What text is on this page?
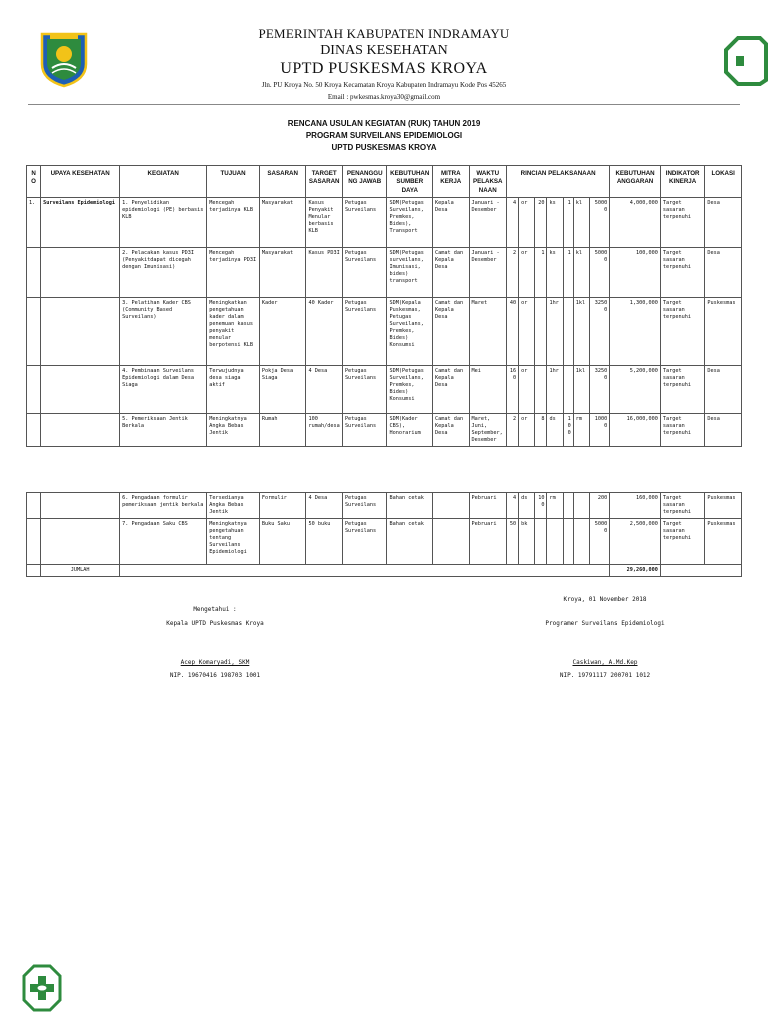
PEMERINTAH KABUPATEN INDRAMAYU
DINAS KESEHATAN
UPTD PUSKESMAS KROYA
Jln. PU Kroya No. 50 Kroya Kecamatan Kroya Kabupaten Indramayu Kode Pos 45265
Email : pwkesmas.kroya30@gmail.com
RENCANA USULAN KEGIATAN (RUK) TAHUN 2019
PROGRAM SURVEILANS EPIDEMIOLOGI
UPTD PUSKESMAS KROYA
NO	UPAYA KESEHATAN	KEGIATAN	TUJUAN	SASARAN	TARGET SASARAN	PENANGGU NG JAWAB	KEBUTUHAN
SUMBER DAYA	MITRA KERJA	WAKTU PELAKSA NAAN	RINCIAN PELAKSANAAN							KEBUTUHAN ANGGARAN	INDIKATOR KINERJA	LOKASI
1.	Surveilans Epidemiologi	1. Penyelidikan epidemiologi (PE) berbasis KLB	Mencegah terjadinya KLB	Masyarakat	Kasus Penyakit Menular berbasis KLB	Petugas Surveilans	SDM(Petugas Surveilans, Premkes, Bides), Transport	Kepala Desa	Januari - Desember	4	or	20	ks	1	kl	50000	4,000,000	Target sasaran terpenuhi	Desa
		2. Pelacakan kasus PD3I (Penyakitdapat dicegah dengan Imunisasi)	Mencegah terjadinya PD3I	Masyarakat	Kasus PD3I	Petugas Surveilans	SDM(Petugas surveilans, Imunisasi, bides) transport	Camat dan Kepala Desa	Januari - Desember	2	or	1	ks	1	kl	50000	100,000	Target sasaran terpenuhi	Desa
		3. Pelatihan Kader CBS (Community Based Surveilans)	Meningkatkan pengetahuan kader dalam penemuan kasus penyakit menular berpotensi KLB	Kader	40 Kader	Petugas Surveilans	SDM(Kepala Puskesmas, Petugas Surveilans, Premkes, Bides) Konsumsi	Camat dan Kepala Desa	Maret	40	or		1hr		1kl	32500	1,300,000	Target sasaran terpenuhi	Puskesmas
		4. Pembinaan Surveilans Epidemiologi dalam Desa Siaga	Terwujudnya desa siaga aktif	Pokja Desa Siaga	4 Desa	Petugas Surveilans	SDM(Petugas Surveilans, Premkes, Bides) Konsumsi	Camat dan Kepala Desa	Mei	160	or		1hr		1kl	32500	5,200,000	Target sasaran terpenuhi	Desa
		5. Pemeriksaan Jentik Berkala	Meningkatnya Angka Bebas Jentik	Rumah	100 rumah/desa	Petugas Surveilans	SDM(Kader CBS), Honorarium	Camat dan Kepala Desa	Maret, Juni, September, Desember	2	or	8	ds	100	rm	10000	16,000,000	Target sasaran terpenuhi	Desa
		6. Pengadaan formulir pemeriksaan jentik berkala	Tersedianya Angka Bebas Jentik	Formulir	4 Desa	Petugas Surveilans	Bahan cetak		Pebruari	4	ds	100	rm			200	160,000	Target sasaran terpenuhi	Puskesmas
		7. Pengadaan Saku CBS	Meningkatnya pengetahuan tentang Surveilans Epidemiologi	Buku Saku	50 buku	Petugas Surveilans	Bahan cetak		Pebruari	50	bk					50000	2,500,000	Target sasaran terpenuhi	Puskesmas
	JUMLAH																29,260,000		
Kroya, 01 November 2018
Mengetahui :
Kepala UPTD Puskesmas Kroya	Programer Surveilans Epidemiologi
Acep Komaryadi, SKM
NIP. 19670416 198703 1001
Caskiwan, A.Md.Kep
NIP. 19791117 200701 1012
